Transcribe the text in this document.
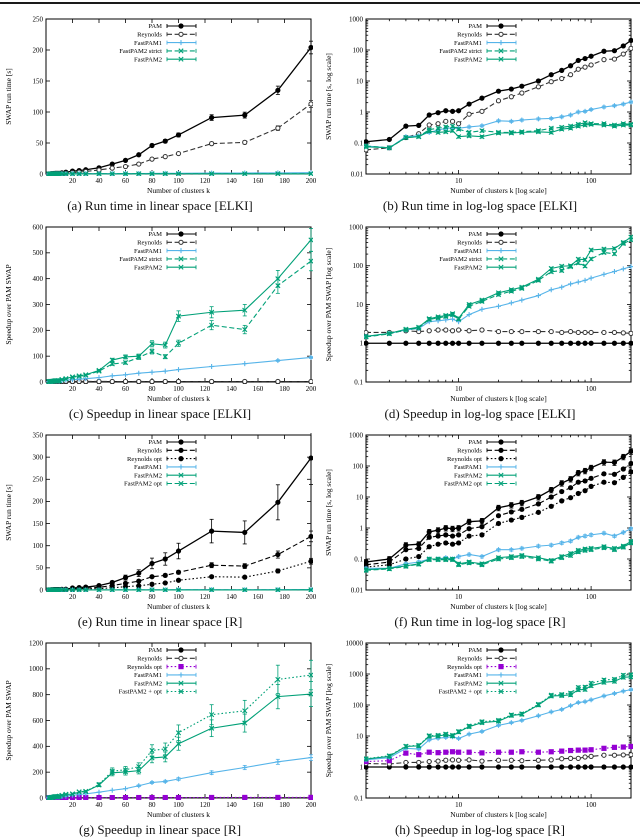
20	40	60	80	100 120 140 160 180 200
0
50
100
150
200
250
Number of clusters k
SWAP run time [s]
PAM
Reynolds
FastPAM1
FastPAM2 strict
FastPAM2
(a) Run time in linear space [ELKI]
10	100
0.01
0.1
1
10
100
1000
Number of clusters k [log scale]
SWAP run time [s, log scale]
PAM
Reynolds
FastPAM1
FastPAM2 strict
FastPAM2
(b) Run time in log-log space [ELKI]
20	40	60	80	100 120 140 160 180 200
0
100
200
300
400
500
600
Number of clusters k
Speedup over PAM SWAP
PAM
Reynolds
FastPAM1
FastPAM2 strict
FastPAM2
(c) Speedup in linear space [ELKI]
10	100
0.1
1
10
100
1000
Number of clusters k [log scale]
Speedup over PAM SWAP [log scale]
PAM
Reynolds
FastPAM1
FastPAM2 strict
FastPAM2
(d) Speedup in log-log space [ELKI]
20	40	60	80	100 120 140 160 180 200
0
50
100
150
200
250
300
350
Number of clusters k
SWAP run time [s]
PAM
Reynolds
Reynolds opt
FastPAM1
FastPAM2
FastPAM2 opt
(e) Run time in linear space [R]
10	100
0.01
0.1
1
10
100
1000
Number of clusters k [log scale]
SWAP run time [s, log scale]
PAM
Reynolds
Reynolds opt
FastPAM1
FastPAM2
FastPAM2 opt
(f) Run time in log-log space [R]
20	40	60	80	100 120 140 160 180 200
0
200
400
600
800
1000
1200
Number of clusters k
Speedup over PAM SWAP
PAM
Reynolds
Reynolds opt
FastPAM1
FastPAM2
FastPAM2 + opt
(g) Speedup in linear space [R]
10	100
0.1
1
10
100
1000
10000
Number of clusters k [log scale]
Speedup over PAM SWAP [log scale]
PAM
Reynolds
Reynolds opt
FastPAM1
FastPAM2
FastPAM2 + opt
(h) Speedup in log-log space [R]
